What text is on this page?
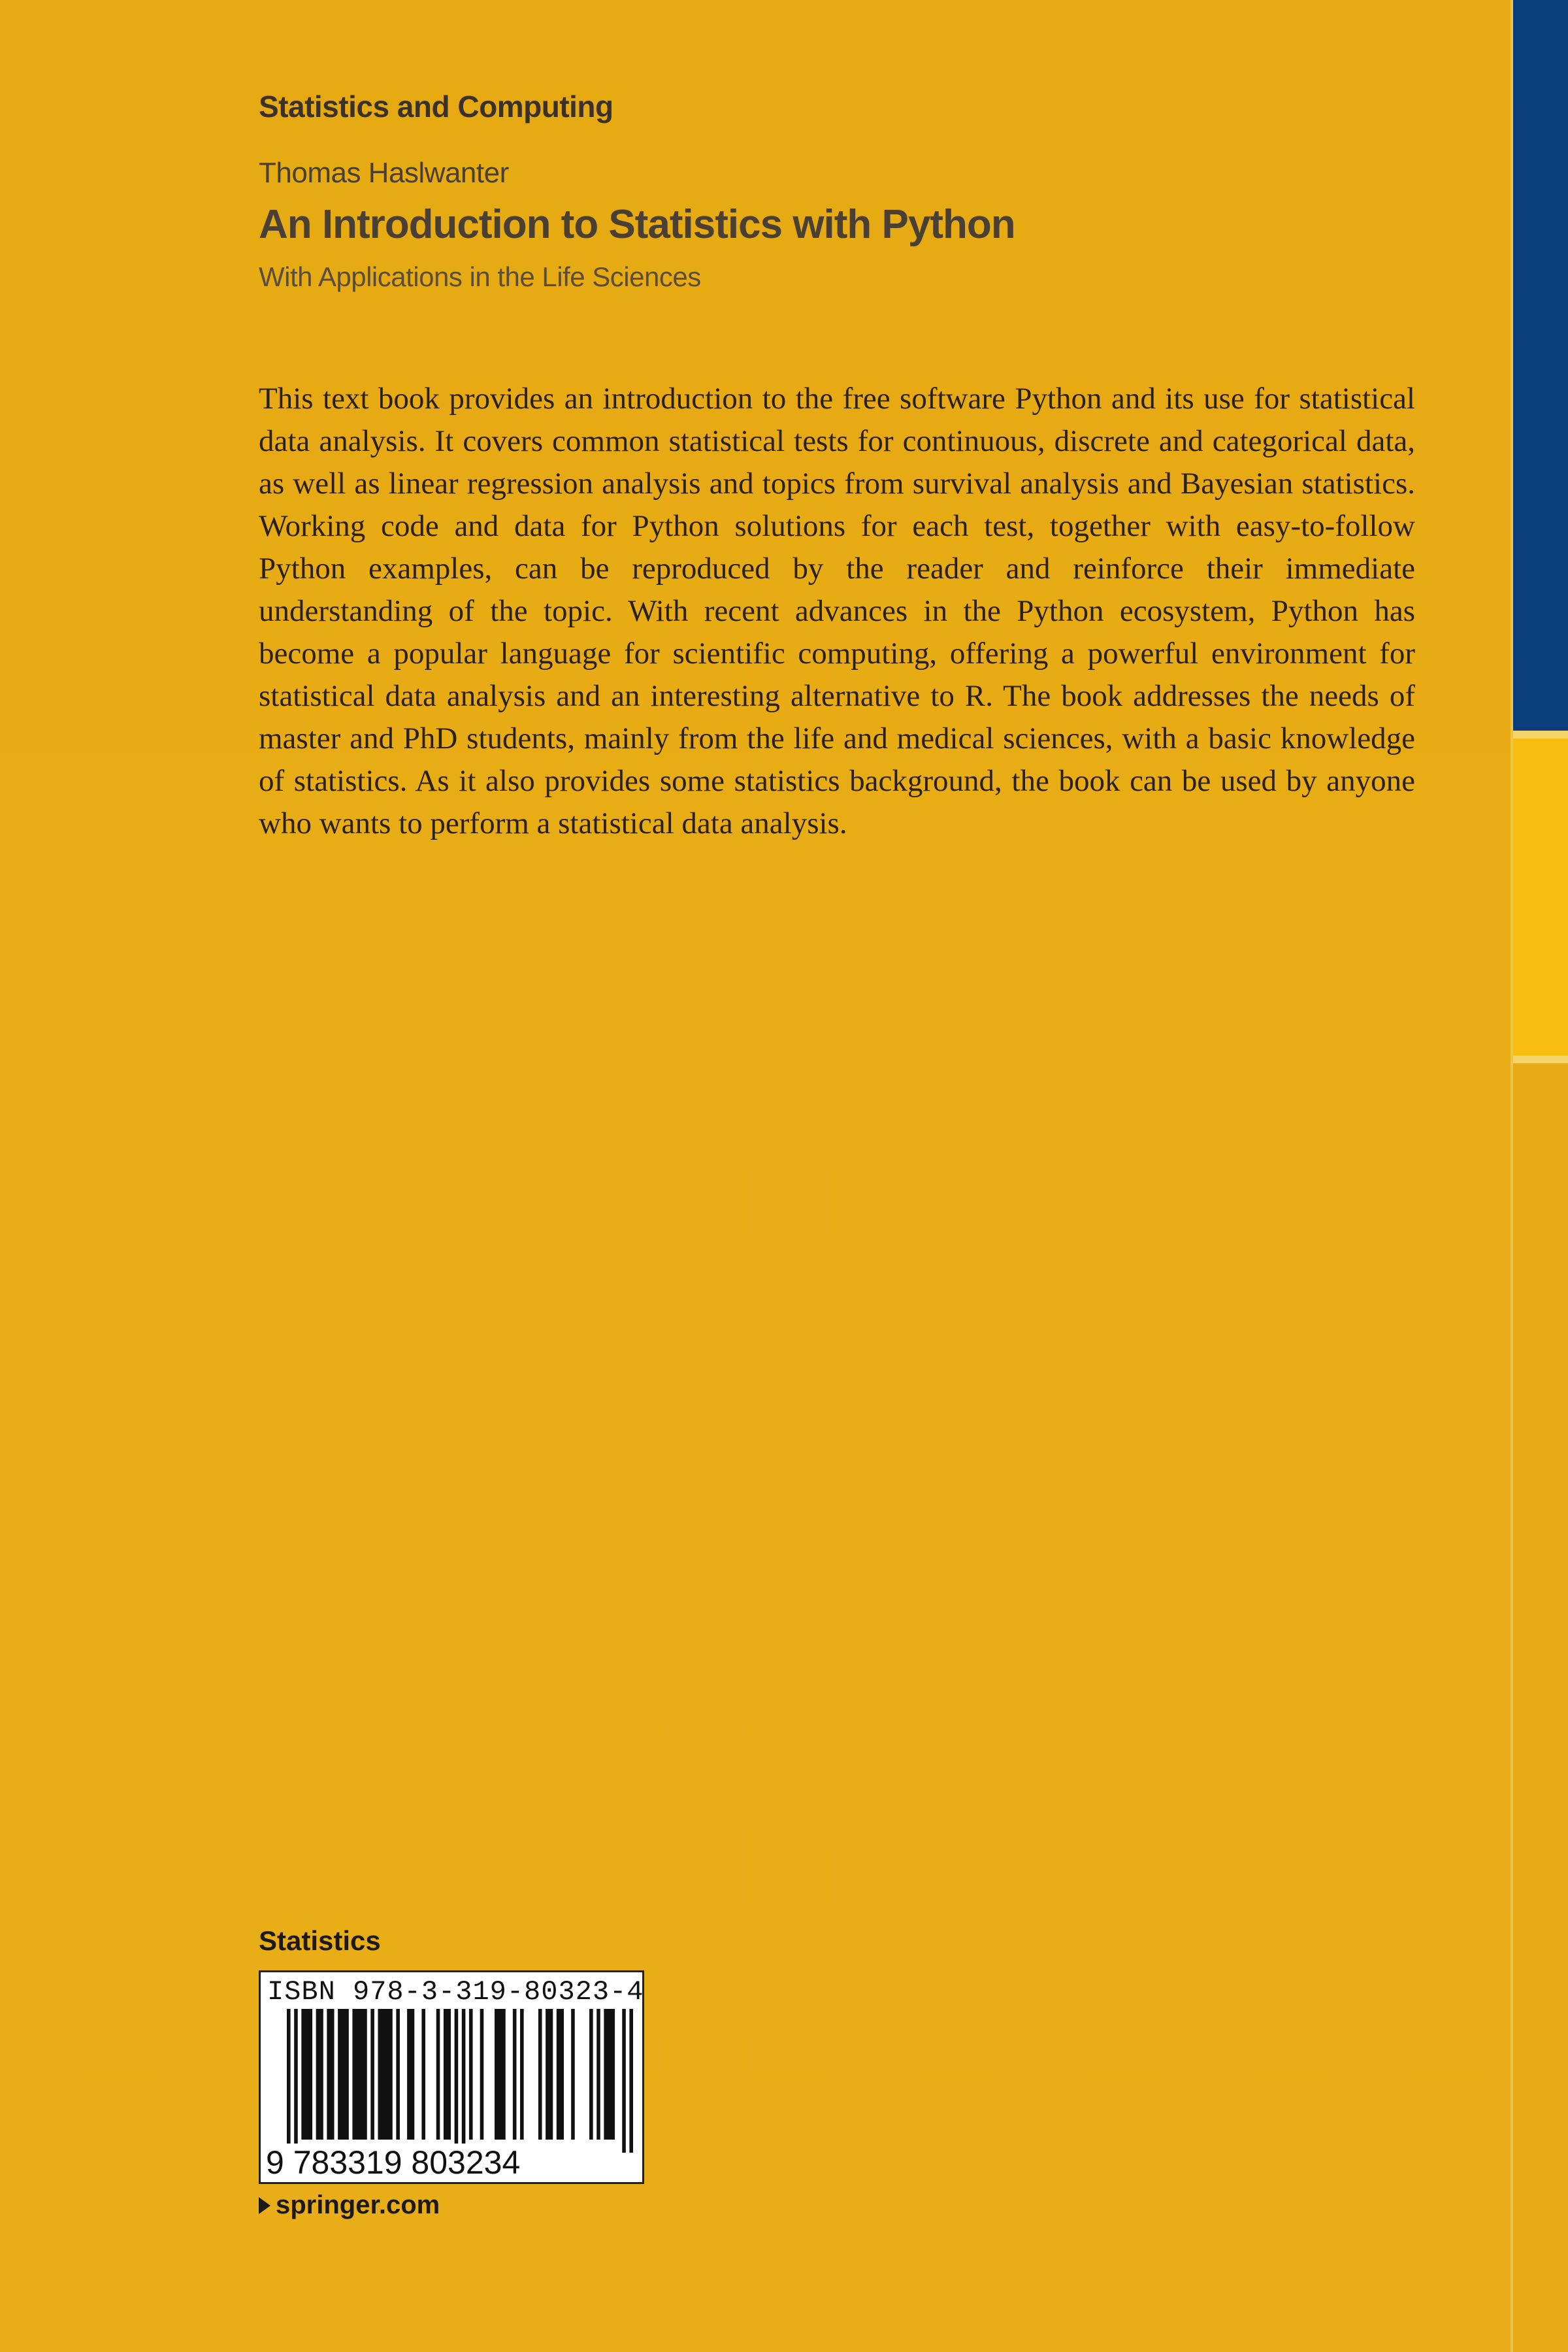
Statistics and Computing
Thomas Haslwanter
An Introduction to Statistics with Python
With Applications in the Life Sciences

This text book provides an introduction to the free software Python and its use for statistical data analysis. It covers common statistical tests for continuous, discrete and categorical data, as well as linear regression analysis and topics from survival analysis and Bayesian statistics. Working code and data for Python solutions for each test, together with easy-to-follow Python examples, can be reproduced by the reader and reinforce their immediate understanding of the topic. With recent advances in the Python ecosystem, Python has become a popular language for scientific computing, offering a powerful environment for statistical data analysis and an interesting alternative to R. The book addresses the needs of master and PhD students, mainly from the life and medical sciences, with a basic knowledge of statistics. As it also provides some statistics background, the book can be used by anyone who wants to perform a statistical data analysis.

Statistics
ISBN 978-3-319-80323-4
9 783319 803234
springer.com
